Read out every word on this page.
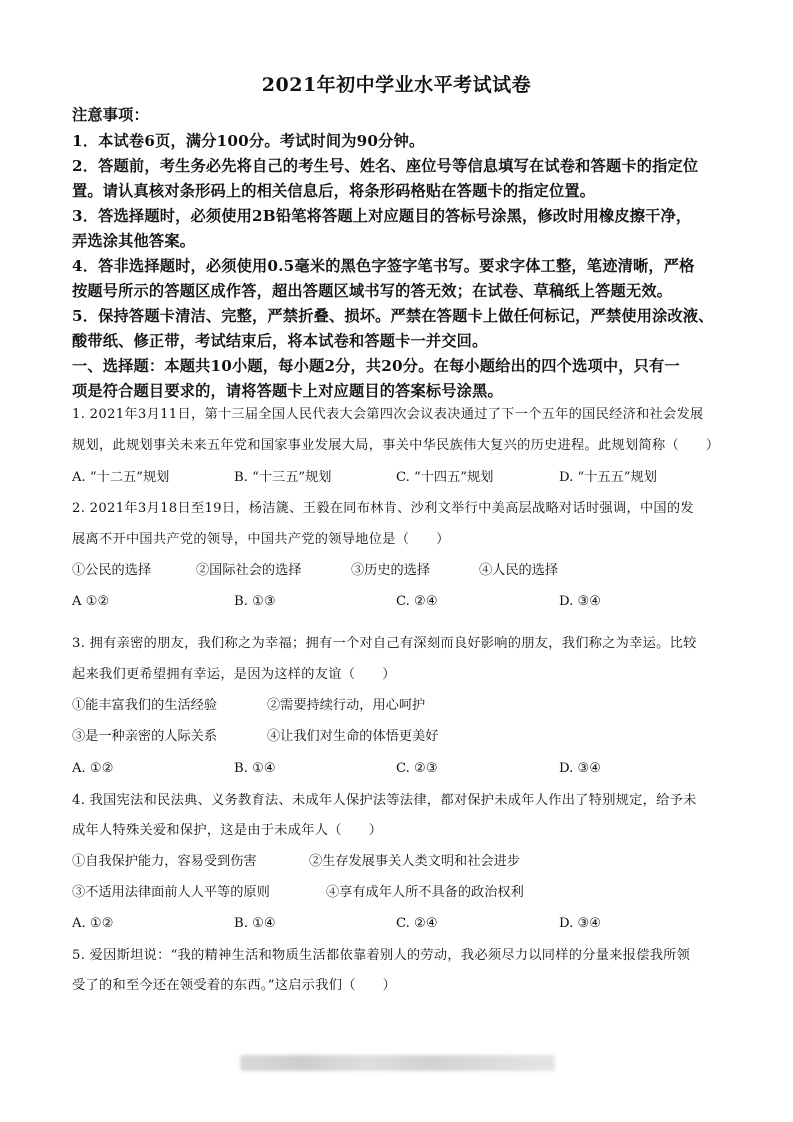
2021年初中学业水平考试试卷
注意事项：
1．本试卷6页，满分100分。考试时间为90分钟。
2．答题前，考生务必先将自己的考生号、姓名、座位号等信息填写在试卷和答题卡的指定位
置。请认真核对条形码上的相关信息后，将条形码格贴在答题卡的指定位置。
3．答选择题时，必须使用2B铅笔将答题上对应题目的答标号涂黑，修改时用橡皮擦干净，
弄选涂其他答案。
4．答非选择题时，必须使用0.5毫米的黑色字签字笔书写。要求字体工整，笔迹清晰，严格
按题号所示的答题区成作答，超出答题区域书写的答无效；在试卷、草稿纸上答题无效。
5．保持答题卡清洁、完整，严禁折叠、损坏。严禁在答题卡上做任何标记，严禁使用涂改液、
酸带纸、修正带，考试结束后，将本试卷和答题卡一并交回。
一、选择题：本题共10小题，每小题2分，共20分。在每小题给出的四个选项中，只有一
项是符合题目要求的，请将答题卡上对应题目的答案标号涂黑。
1. 2021年3月11日，第十三届全国人民代表大会第四次会议表决通过了下一个五年的国民经济和社会发展
规划，此规划事关未来五年党和国家事业发展大局，事关中华民族伟大复兴的历史进程。此规划简称（　　）
A. “十二五”规划	B. “十三五”规划	C. “十四五”规划	D. “十五五”规划
2. 2021年3月18日至19日，杨洁篪、王毅在同布林肯、沙利文举行中美高层战略对话时强调，中国的发
展离不开中国共产党的领导，中国共产党的领导地位是（　　）
①公民的选择	②国际社会的选择	③历史的选择	④人民的选择
A ①②	B. ①③	C. ②④	D. ③④
3. 拥有亲密的朋友，我们称之为幸福；拥有一个对自己有深刻而良好影响的朋友，我们称之为幸运。比较
起来我们更希望拥有幸运，是因为这样的友谊（　　）
①能丰富我们的生活经验	②需要持续行动，用心呵护
③是一种亲密的人际关系	④让我们对生命的体悟更美好
A. ①②	B. ①④	C. ②③	D. ③④
4. 我国宪法和民法典、义务教育法、未成年人保护法等法律，都对保护未成年人作出了特别规定，给予未
成年人特殊关爱和保护，这是由于未成年人（　　）
①自我保护能力，容易受到伤害	②生存发展事关人类文明和社会进步
③不适用法律面前人人平等的原则	④享有成年人所不具备的政治权利
A. ①②	B. ①④	C. ②④	D. ③④
5. 爱因斯坦说：“我的精神生活和物质生活都依靠着别人的劳动，我必须尽力以同样的分量来报偿我所领
受了的和至今还在领受着的东西。”这启示我们（　　）
